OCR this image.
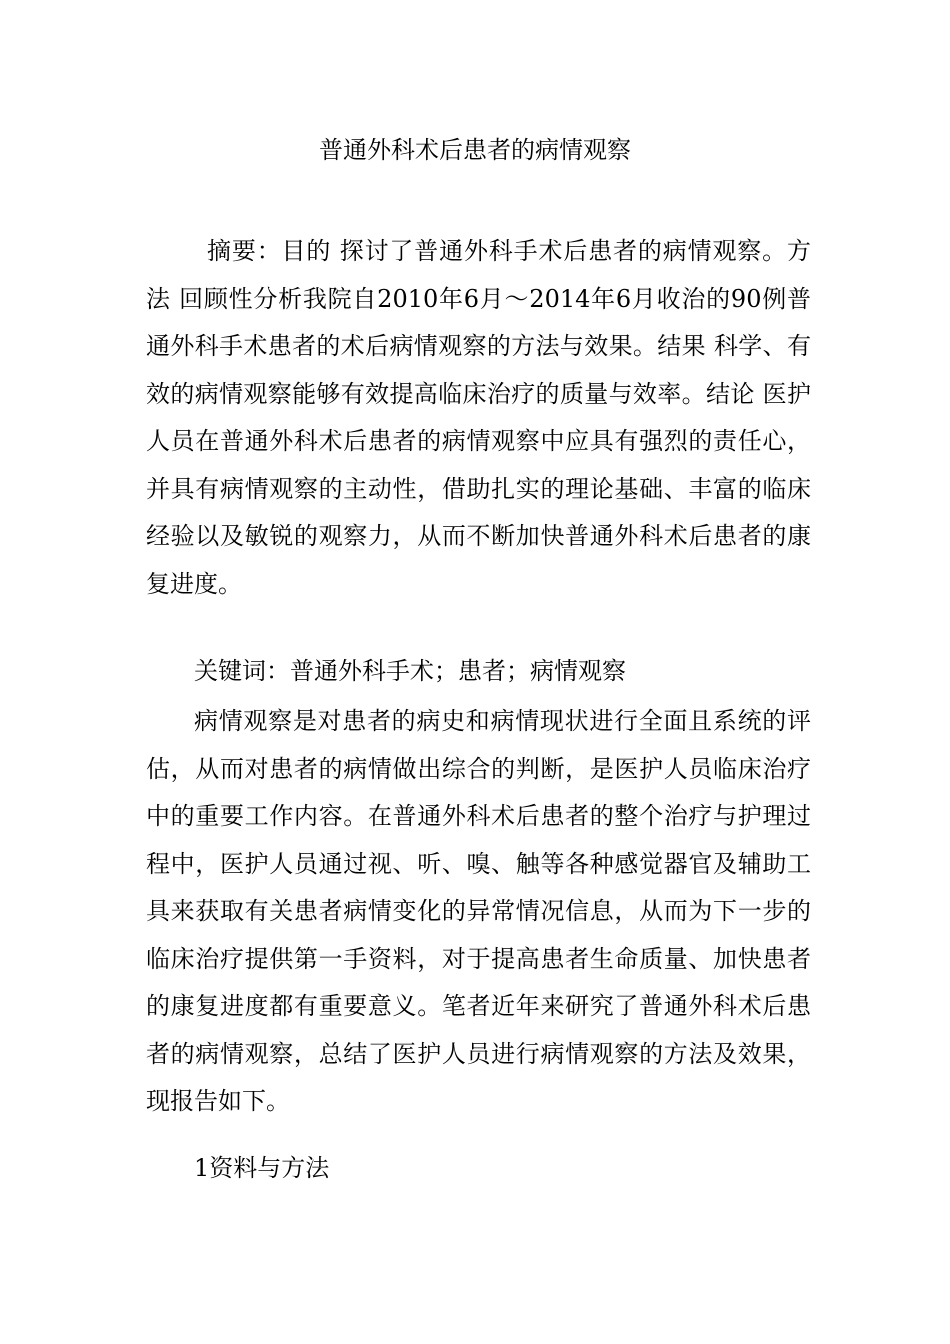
普通外科术后患者的病情观察
摘要：目的 探讨了普通外科手术后患者的病情观察。方法 回顾性分析我院自2010年6月～2014年6月收治的90例普通外科手术患者的术后病情观察的方法与效果。结果 科学、有效的病情观察能够有效提高临床治疗的质量与效率。结论 医护人员在普通外科术后患者的病情观察中应具有强烈的责任心，并具有病情观察的主动性，借助扎实的理论基础、丰富的临床经验以及敏锐的观察力，从而不断加快普通外科术后患者的康复进度。
关键词：普通外科手术；患者；病情观察
病情观察是对患者的病史和病情现状进行全面且系统的评估，从而对患者的病情做出综合的判断，是医护人员临床治疗中的重要工作内容。在普通外科术后患者的整个治疗与护理过程中，医护人员通过视、听、嗅、触等各种感觉器官及辅助工具来获取有关患者病情变化的异常情况信息，从而为下一步的临床治疗提供第一手资料，对于提高患者生命质量、加快患者的康复进度都有重要意义。笔者近年来研究了普通外科术后患者的病情观察，总结了医护人员进行病情观察的方法及效果，现报告如下。
1资料与方法
